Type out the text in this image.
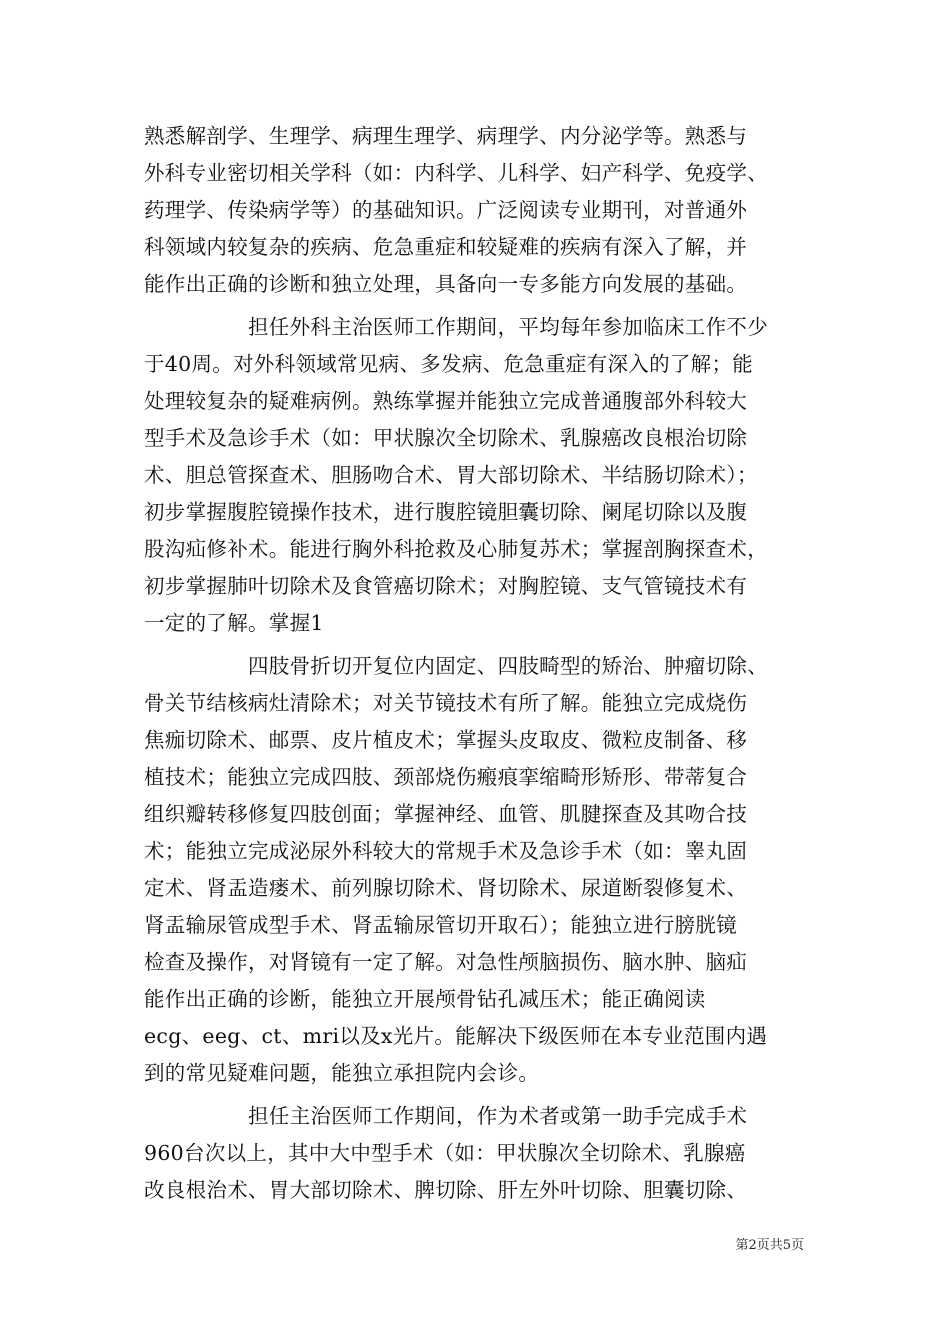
熟悉解剖学、生理学、病理生理学、病理学、内分泌学等。熟悉与
外科专业密切相关学科（如：内科学、儿科学、妇产科学、免疫学、
药理学、传染病学等）的基础知识。广泛阅读专业期刊，对普通外
科领域内较复杂的疾病、危急重症和较疑难的疾病有深入了解，并
能作出正确的诊断和独立处理，具备向一专多能方向发展的基础。

担任外科主治医师工作期间，平均每年参加临床工作不少
于40周。对外科领域常见病、多发病、危急重症有深入的了解；能
处理较复杂的疑难病例。熟练掌握并能独立完成普通腹部外科较大
型手术及急诊手术（如：甲状腺次全切除术、乳腺癌改良根治切除
术、胆总管探查术、胆肠吻合术、胃大部切除术、半结肠切除术）；
初步掌握腹腔镜操作技术，进行腹腔镜胆囊切除、阑尾切除以及腹
股沟疝修补术。能进行胸外科抢救及心肺复苏术；掌握剖胸探查术，
初步掌握肺叶切除术及食管癌切除术；对胸腔镜、支气管镜技术有
一定的了解。掌握1

四肢骨折切开复位内固定、四肢畸型的矫治、肿瘤切除、
骨关节结核病灶清除术；对关节镜技术有所了解。能独立完成烧伤
焦痂切除术、邮票、皮片植皮术；掌握头皮取皮、微粒皮制备、移
植技术；能独立完成四肢、颈部烧伤瘢痕挛缩畸形矫形、带蒂复合
组织瓣转移修复四肢创面；掌握神经、血管、肌腱探查及其吻合技
术；能独立完成泌尿外科较大的常规手术及急诊手术（如：睾丸固
定术、肾盂造瘘术、前列腺切除术、肾切除术、尿道断裂修复术、
肾盂输尿管成型手术、肾盂输尿管切开取石）；能独立进行膀胱镜
检查及操作，对肾镜有一定了解。对急性颅脑损伤、脑水肿、脑疝
能作出正确的诊断，能独立开展颅骨钻孔减压术；能正确阅读
ecg、eeg、ct、mri以及x光片。能解决下级医师在本专业范围内遇
到的常见疑难问题，能独立承担院内会诊。

担任主治医师工作期间，作为术者或第一助手完成手术
960台次以上，其中大中型手术（如：甲状腺次全切除术、乳腺癌
改良根治术、胃大部切除术、脾切除、肝左外叶切除、胆囊切除、

第2页共5页
